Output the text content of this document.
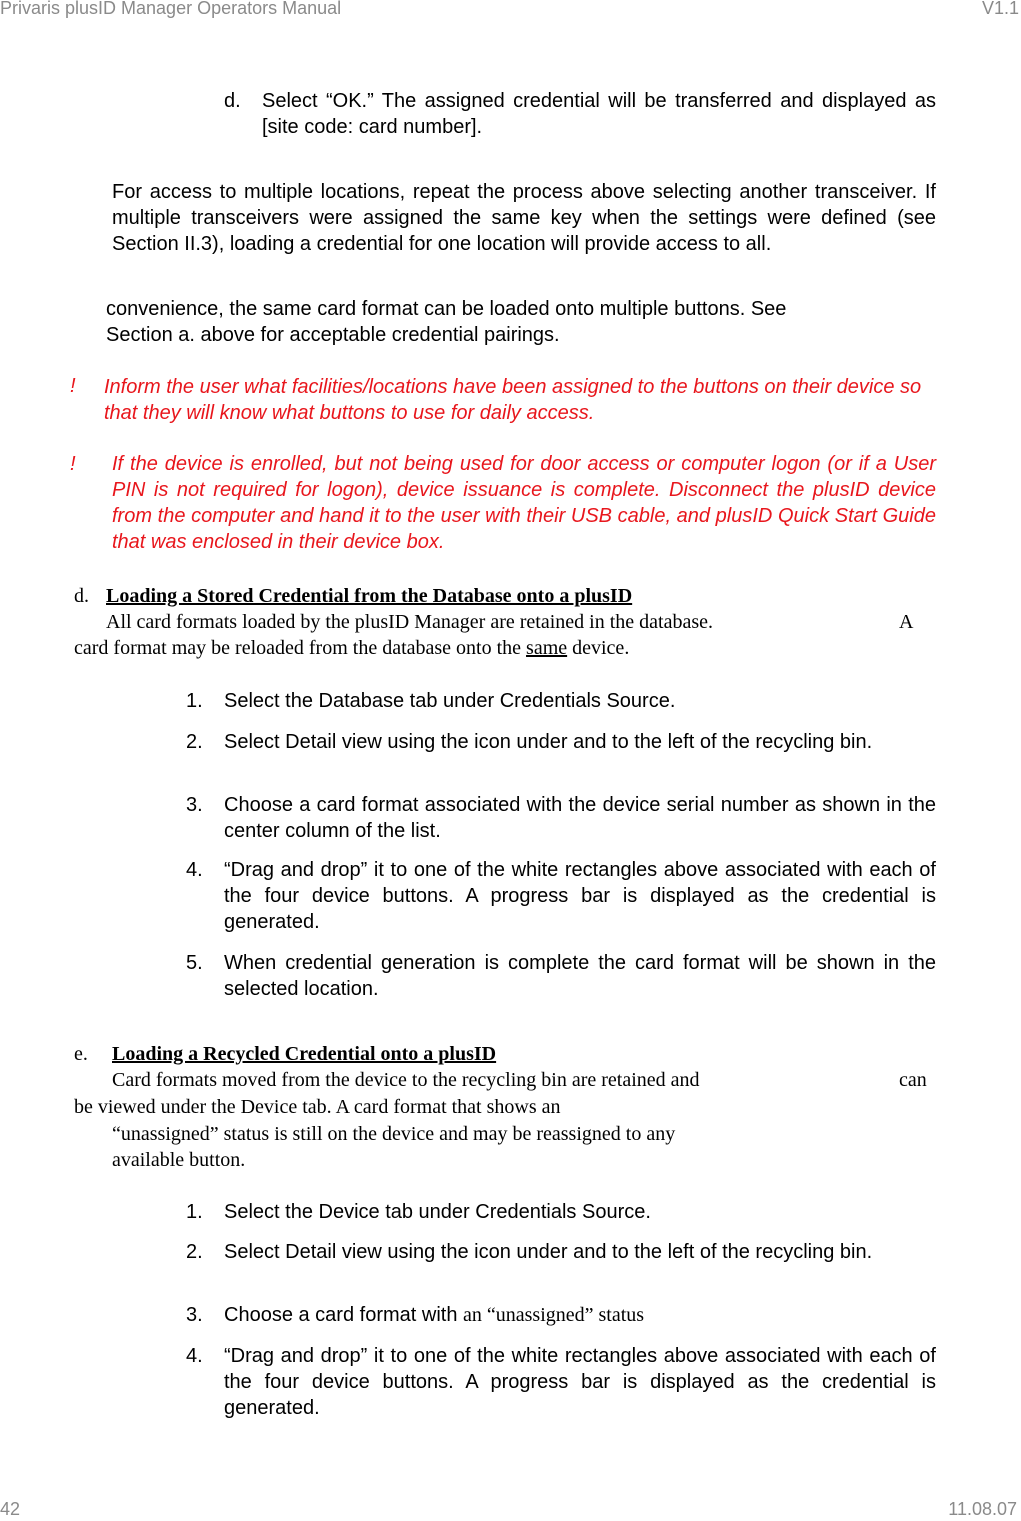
Privaris plusID Manager Operators Manual	V1.1
d. Select “OK.” The assigned credential will be transferred and displayed as [site code: card number].

For access to multiple locations, repeat the process above selecting another transceiver. If multiple transceivers were assigned the same key when the settings were defined (see Section II.3), loading a credential for one location will provide access to all.

convenience, the same card format can be loaded onto multiple buttons. See
Section a. above for acceptable credential pairings.
! Inform the user what facilities/locations have been assigned to the buttons on their device so that they will know what buttons to use for daily access.

! If the device is enrolled, but not being used for door access or computer logon (or if a User PIN is not required for logon), device issuance is complete. Disconnect the plusID device from the computer and hand it to the user with their USB cable, and plusID Quick Start Guide that was enclosed in their device box.

d. Loading a Stored Credential from the Database onto a plusID
All card formats loaded by the plusID Manager are retained in the database.	A
card format may be reloaded from the database onto the same device.
1. Select the Database tab under Credentials Source.
2. Select Detail view using the icon under and to the left of the recycling bin.
3. Choose a card format associated with the device serial number as shown in the center column of the list.
4. “Drag and drop” it to one of the white rectangles above associated with each of the four device buttons. A progress bar is displayed as the credential is generated.
5. When credential generation is complete the card format will be shown in the selected location.
e. Loading a Recycled Credential onto a plusID
Card formats moved from the device to the recycling bin are retained and	can
be viewed under the Device tab. A card format that shows an
“unassigned” status is still on the device and may be reassigned to any
available button.
1. Select the Device tab under Credentials Source.
2. Select Detail view using the icon under and to the left of the recycling bin.
3. Choose a card format with an “unassigned” status
4. “Drag and drop” it to one of the white rectangles above associated with each of the four device buttons. A progress bar is displayed as the credential is generated.
42	11.08.07
